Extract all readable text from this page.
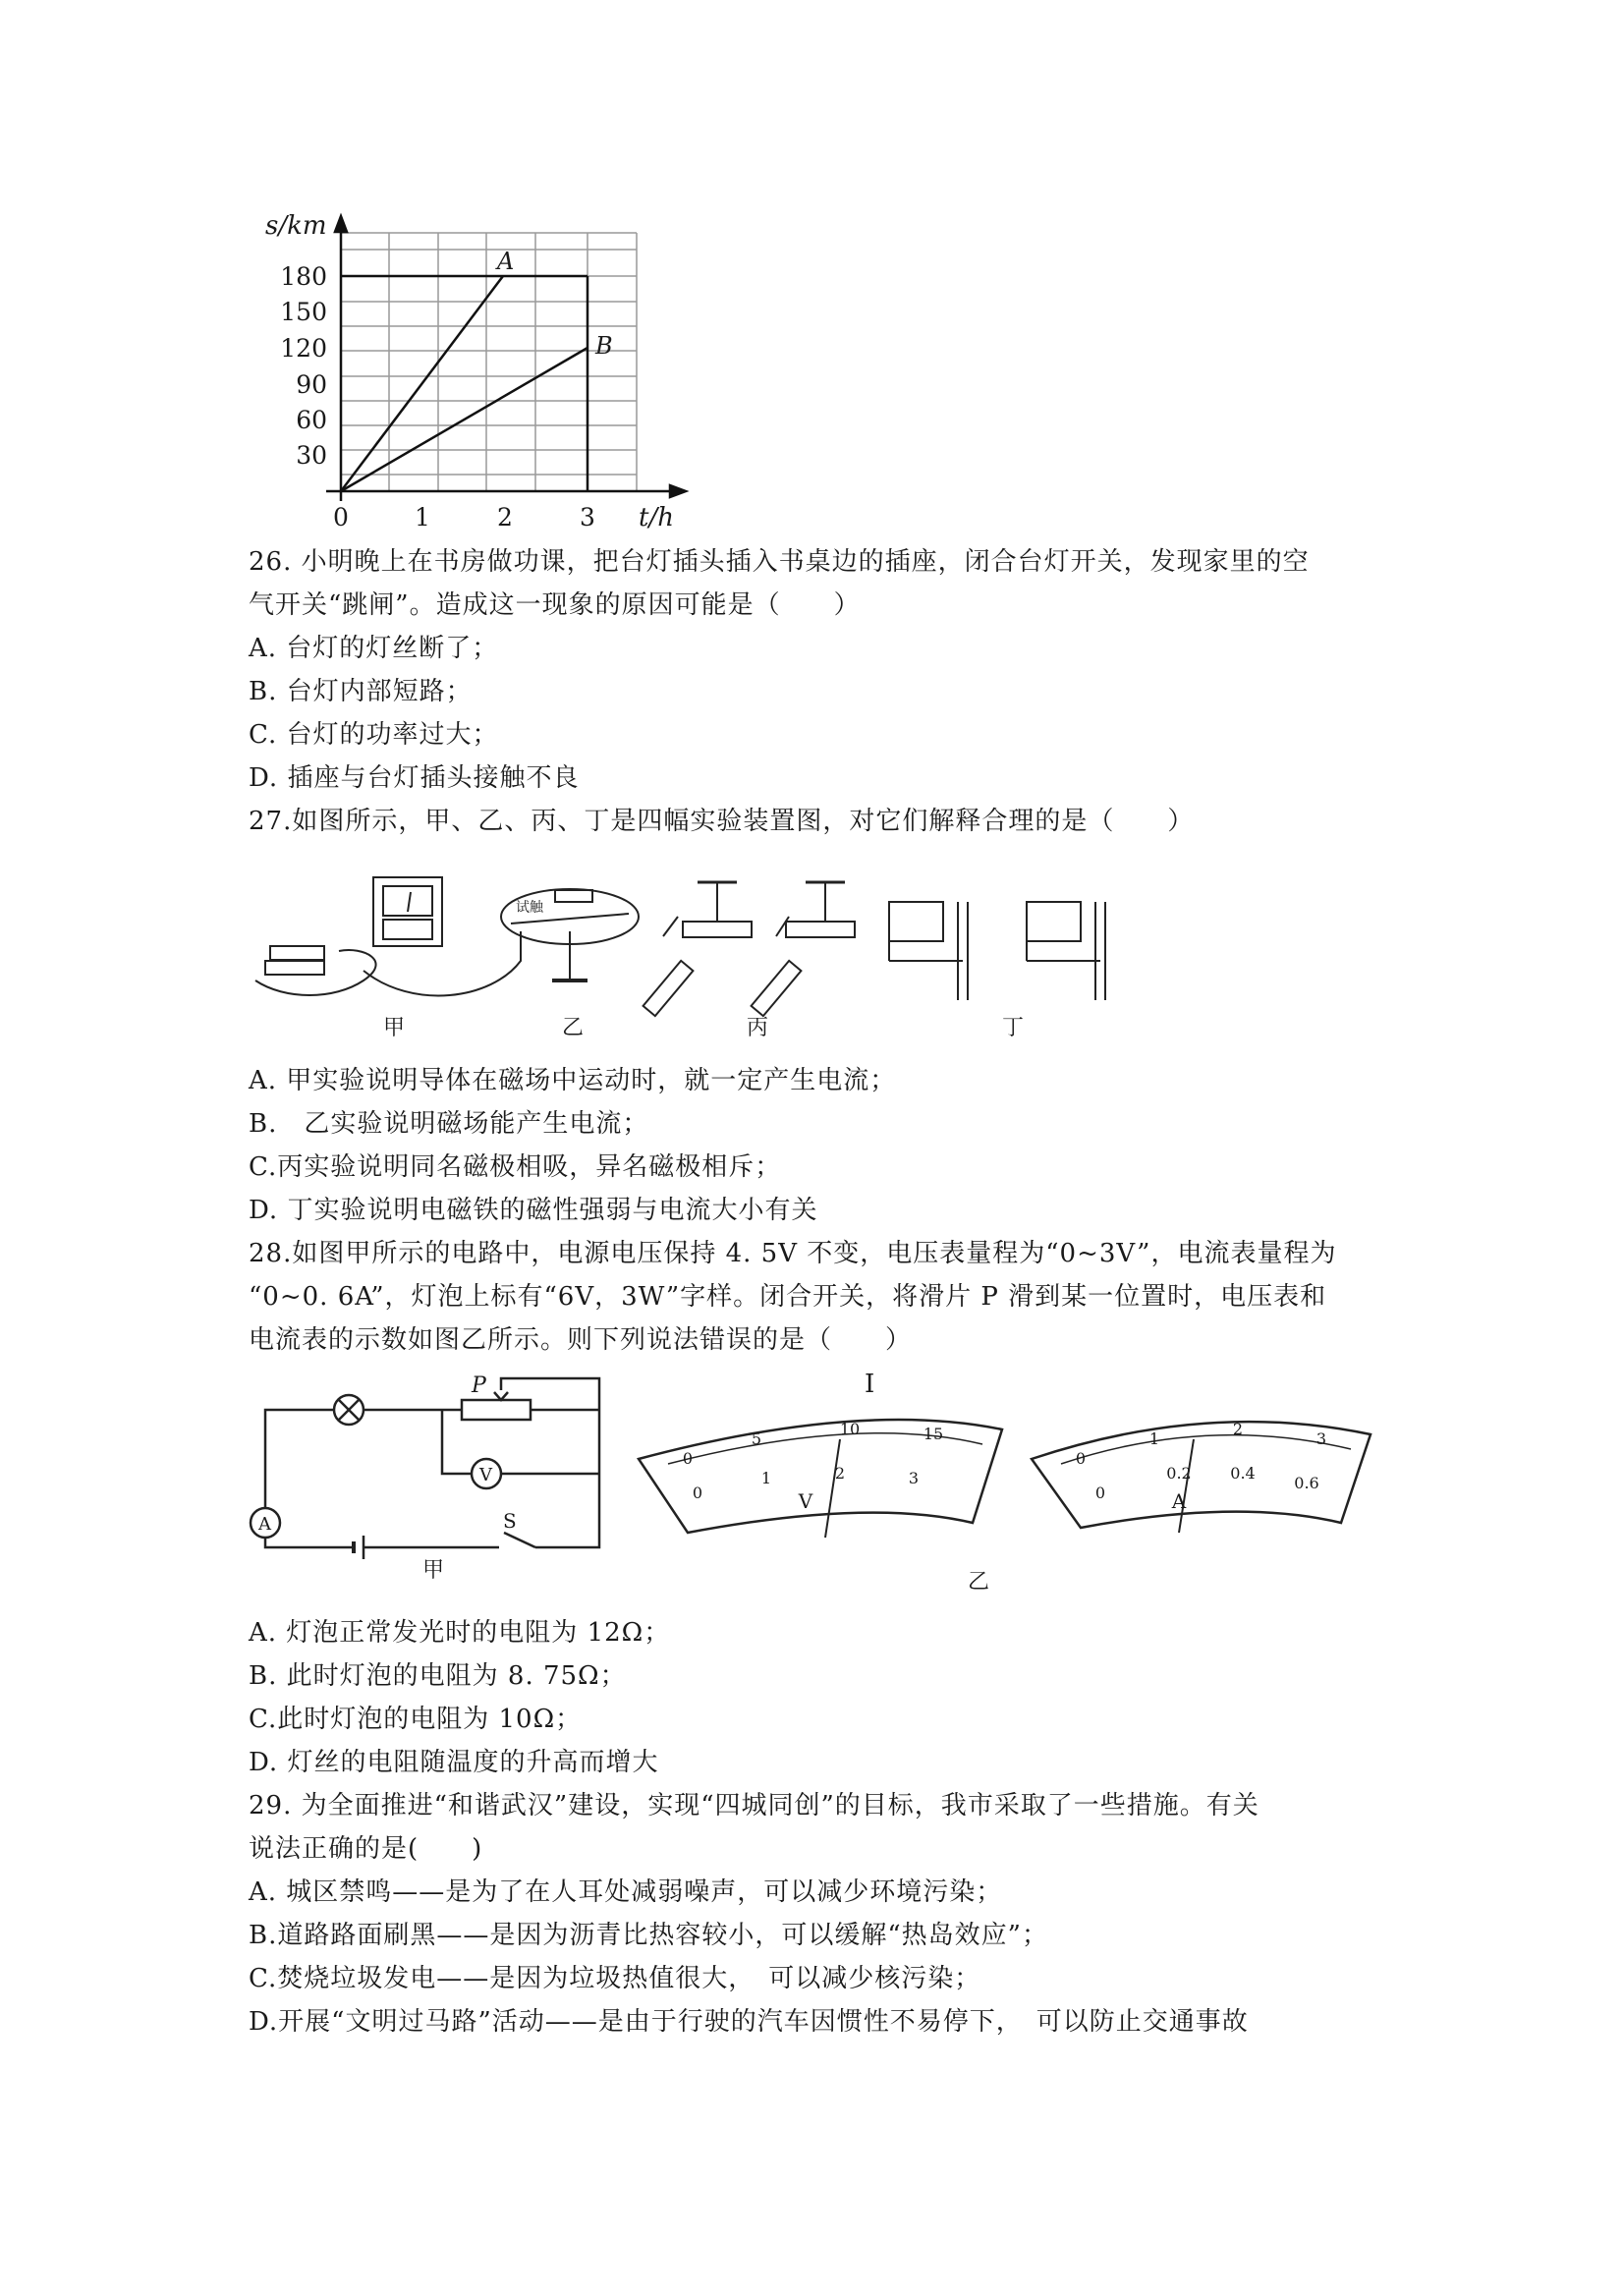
s/km
180
150
120
90
60
30
0	1	2	3 t/h
A
B
26. 小明晚上在书房做功课，把台灯插头插入书桌边的插座，闭合台灯开关，发现家里的空
气开关“跳闸”。造成这一现象的原因可能是（　　）
A. 台灯的灯丝断了；
B. 台灯内部短路；
C. 台灯的功率过大；
D. 插座与台灯插头接触不良
27.如图所示，甲、乙、丙、丁是四幅实验装置图，对它们解释合理的是（　　）
试触
甲	乙	丙	丁
A. 甲实验说明导体在磁场中运动时，就一定产生电流；
B.　乙实验说明磁场能产生电流；
C.丙实验说明同名磁极相吸，异名磁极相斥；
D. 丁实验说明电磁铁的磁性强弱与电流大小有关
28.如图甲所示的电路中，电源电压保持 4. 5V 不变，电压表量程为“0~3V”，电流表量程为
“0~0. 6A”，灯泡上标有“6V，3W”字样。闭合开关，将滑片 P 滑到某一位置时，电压表和
电流表的示数如图乙所示。则下列说法错误的是（　　）
P
V
A	S
甲
I
0
5
10	15
0
1	2	3
V
0
1
2
3
0
0.2 0.4
0.6
A
乙
A. 灯泡正常发光时的电阻为 12Ω；
B. 此时灯泡的电阻为 8. 75Ω；
C.此时灯泡的电阻为 10Ω；
D. 灯丝的电阻随温度的升高而增大
29. 为全面推进“和谐武汉”建设，实现“四城同创”的目标，我市采取了一些措施。有关
说法正确的是(　　)
A. 城区禁鸣——是为了在人耳处减弱噪声，可以减少环境污染；
B.道路路面刷黑——是因为沥青比热容较小，可以缓解“热岛效应”；
C.焚烧垃圾发电——是因为垃圾热值很大，　可以减少核污染；
D.开展“文明过马路”活动——是由于行驶的汽车因惯性不易停下，　可以防止交通事故
